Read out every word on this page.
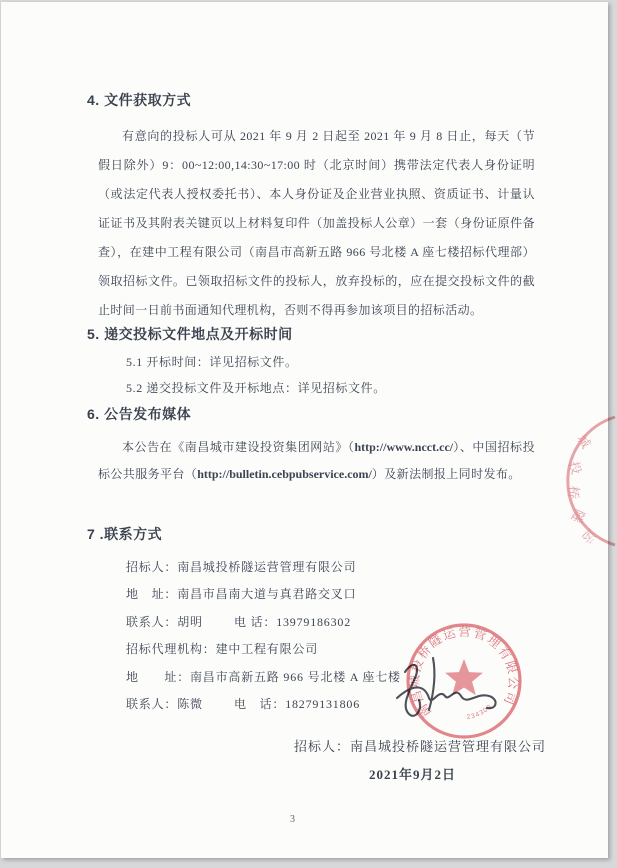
4. 文件获取方式
有意向的投标人可从 2021 年 9 月 2 日起至 2021 年 9 月 8 日止，每天（节假日除外）9：00~12:00,14:30~17:00 时（北京时间）携带法定代表人身份证明（或法定代表人授权委托书）、本人身份证及企业营业执照、资质证书、计量认证证书及其附表关键页以上材料复印件（加盖投标人公章）一套（身份证原件备查），在建中工程有限公司（南昌市高新五路 966 号北楼 A 座七楼招标代理部）领取招标文件。已领取招标文件的投标人，放弃投标的，应在提交投标文件的截止时间一日前书面通知代理机构，否则不得再参加该项目的招标活动。
5. 递交投标文件地点及开标时间
5.1 开标时间：详见招标文件。
5.2 递交投标文件及开标地点：详见招标文件。
6. 公告发布媒体
本公告在《南昌城市建设投资集团网站》（http://www.ncct.cc/）、中国招标投标公共服务平台（http://bulletin.cebpubservice.com/）及新法制报上同时发布。
7 .联系方式
招标人：南昌城投桥隧运营管理有限公司
地　址：南昌市昌南大道与真君路交叉口
联系人：胡明	电 话：13979186302
招标代理机构：建中工程有限公司
地　　址：南昌市高新五路 966 号北楼 A 座七楼
联系人：陈微	电　话：18279131806
城
投
桥
隧
运
南昌城投桥隧运营管理有限公司
234309
招标人：南昌城投桥隧运营管理有限公司
2021年9月2日
3
